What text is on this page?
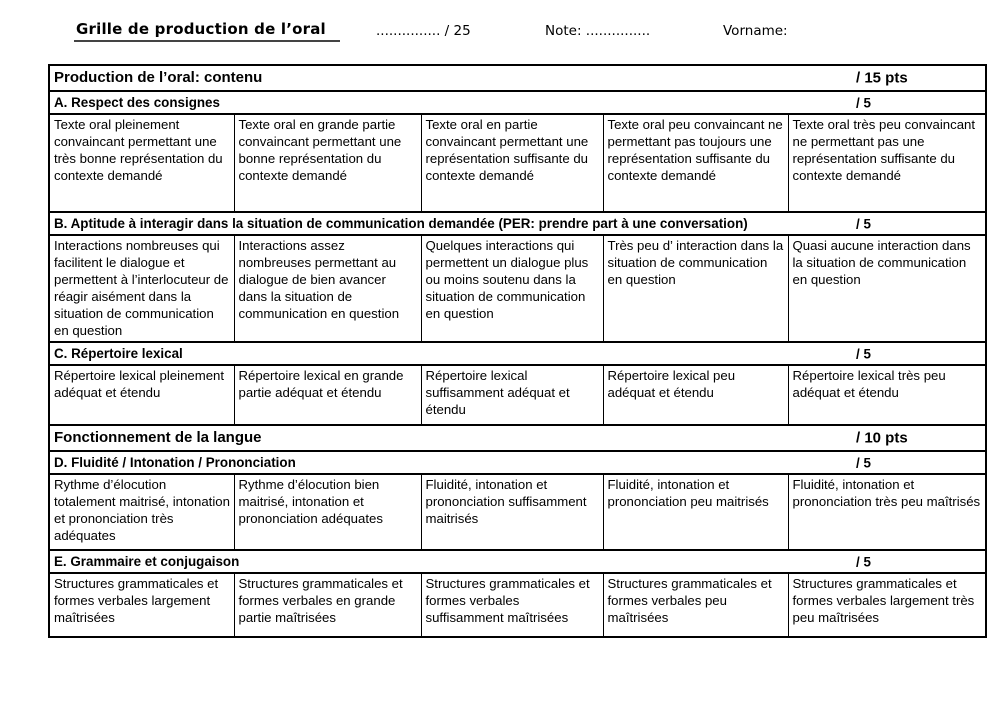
Grille de production de l’oral	............... / 25	Note: ...............	Vorname:
Production de l’oral: contenu / 15 pts				

A. Respect des consignes / 5				

Texte oral pleinement convaincant permettant une très bonne représentation du contexte demandé	Texte oral en grande partie convaincant permettant une bonne représentation du contexte demandé	Texte oral en partie convaincant permettant une représentation suffisante du contexte demandé	Texte oral peu convaincant ne permettant pas toujours une représentation suffisante du contexte demandé	Texte oral très peu convaincant ne permettant pas une représentation suffisante du contexte demandé
B. Aptitude à interagir dans la situation de communication demandée (PER: prendre part à une conversation) / 5				

Interactions nombreuses qui facilitent le dialogue et permettent à l’interlocuteur de réagir aisément dans la situation de communication en question	Interactions assez nombreuses permettant au dialogue de bien avancer dans la situation de communication en question	Quelques interactions qui permettent un dialogue plus ou moins soutenu dans la situation de communication en question	Très peu d’ interaction dans la situation de communication en question	Quasi aucune interaction dans la situation de communication en question
C. Répertoire lexical / 5				

Répertoire lexical pleinement adéquat et étendu	Répertoire lexical en grande partie adéquat et étendu	Répertoire lexical suffisamment adéquat et étendu	Répertoire lexical peu adéquat et étendu	Répertoire lexical très peu adéquat et étendu
Fonctionnement de la langue / 10 pts				

D. Fluidité / Intonation / Prononciation / 5				

Rythme d’élocution totalement maitrisé, intonation et prononciation très adéquates	Rythme d’élocution bien maitrisé, intonation et prononciation adéquates	Fluidité, intonation et prononciation suffisamment maitrisés	Fluidité, intonation et prononciation peu maitrisés	Fluidité, intonation et prononciation très peu maîtrisés
E. Grammaire et conjugaison / 5				

Structures grammaticales et formes verbales largement maîtrisées	Structures grammaticales et formes verbales en grande partie maîtrisées	Structures grammaticales et formes verbales suffisamment maîtrisées	Structures grammaticales et formes verbales peu maîtrisées	Structures grammaticales et formes verbales largement très peu maîtrisées
